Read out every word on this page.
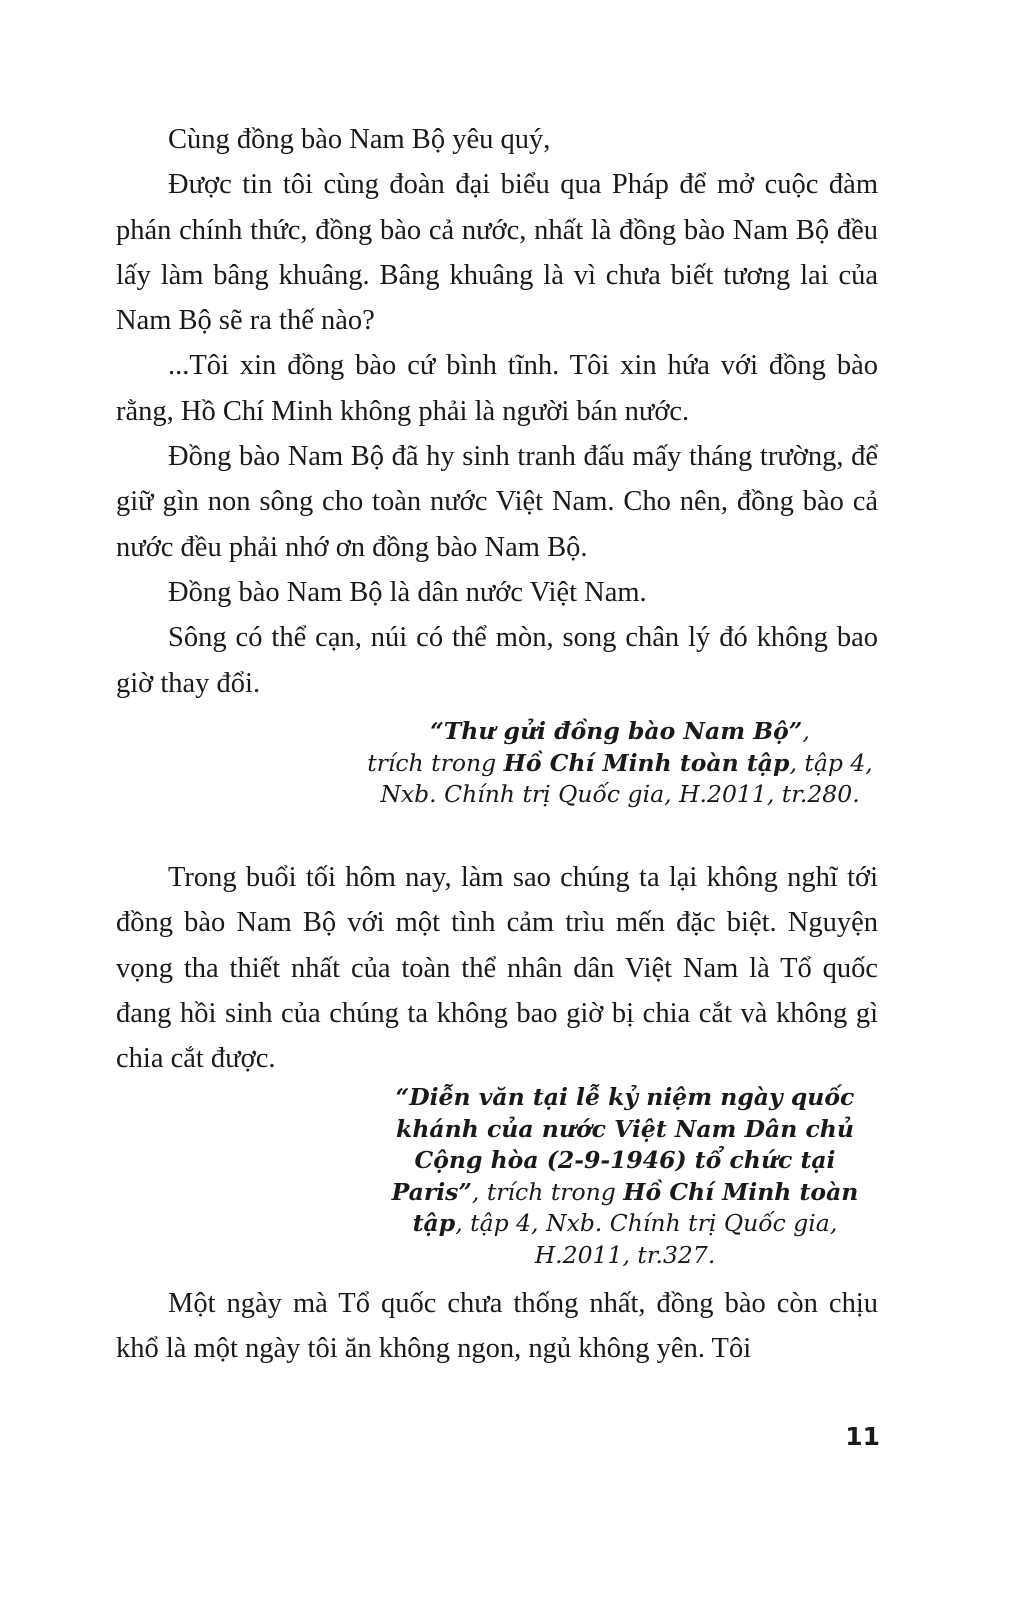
Cùng đồng bào Nam Bộ yêu quý,

Được tin tôi cùng đoàn đại biểu qua Pháp để mở cuộc đàm phán chính thức, đồng bào cả nước, nhất là đồng bào Nam Bộ đều lấy làm bâng khuâng. Bâng khuâng là vì chưa biết tương lai của Nam Bộ sẽ ra thế nào?

...Tôi xin đồng bào cứ bình tĩnh. Tôi xin hứa với đồng bào rằng, Hồ Chí Minh không phải là người bán nước.

Đồng bào Nam Bộ đã hy sinh tranh đấu mấy tháng trường, để giữ gìn non sông cho toàn nước Việt Nam. Cho nên, đồng bào cả nước đều phải nhớ ơn đồng bào Nam Bộ.

Đồng bào Nam Bộ là dân nước Việt Nam.

Sông có thể cạn, núi có thể mòn, song chân lý đó không bao giờ thay đổi.

“Thư gửi đồng bào Nam Bộ”,
trích trong Hồ Chí Minh toàn tập, tập 4,
Nxb. Chính trị Quốc gia, H.2011, tr.280.

Trong buổi tối hôm nay, làm sao chúng ta lại không nghĩ tới đồng bào Nam Bộ với một tình cảm trìu mến đặc biệt. Nguyện vọng tha thiết nhất của toàn thể nhân dân Việt Nam là Tổ quốc đang hồi sinh của chúng ta không bao giờ bị chia cắt và không gì chia cắt được.

“Diễn văn tại lễ kỷ niệm ngày quốc khánh của nước Việt Nam Dân chủ Cộng hòa (2-9-1946) tổ chức tại Paris”, trích trong Hồ Chí Minh toàn tập, tập 4, Nxb. Chính trị Quốc gia, H.2011, tr.327.

Một ngày mà Tổ quốc chưa thống nhất, đồng bào còn chịu khổ là một ngày tôi ăn không ngon, ngủ không yên. Tôi

11
